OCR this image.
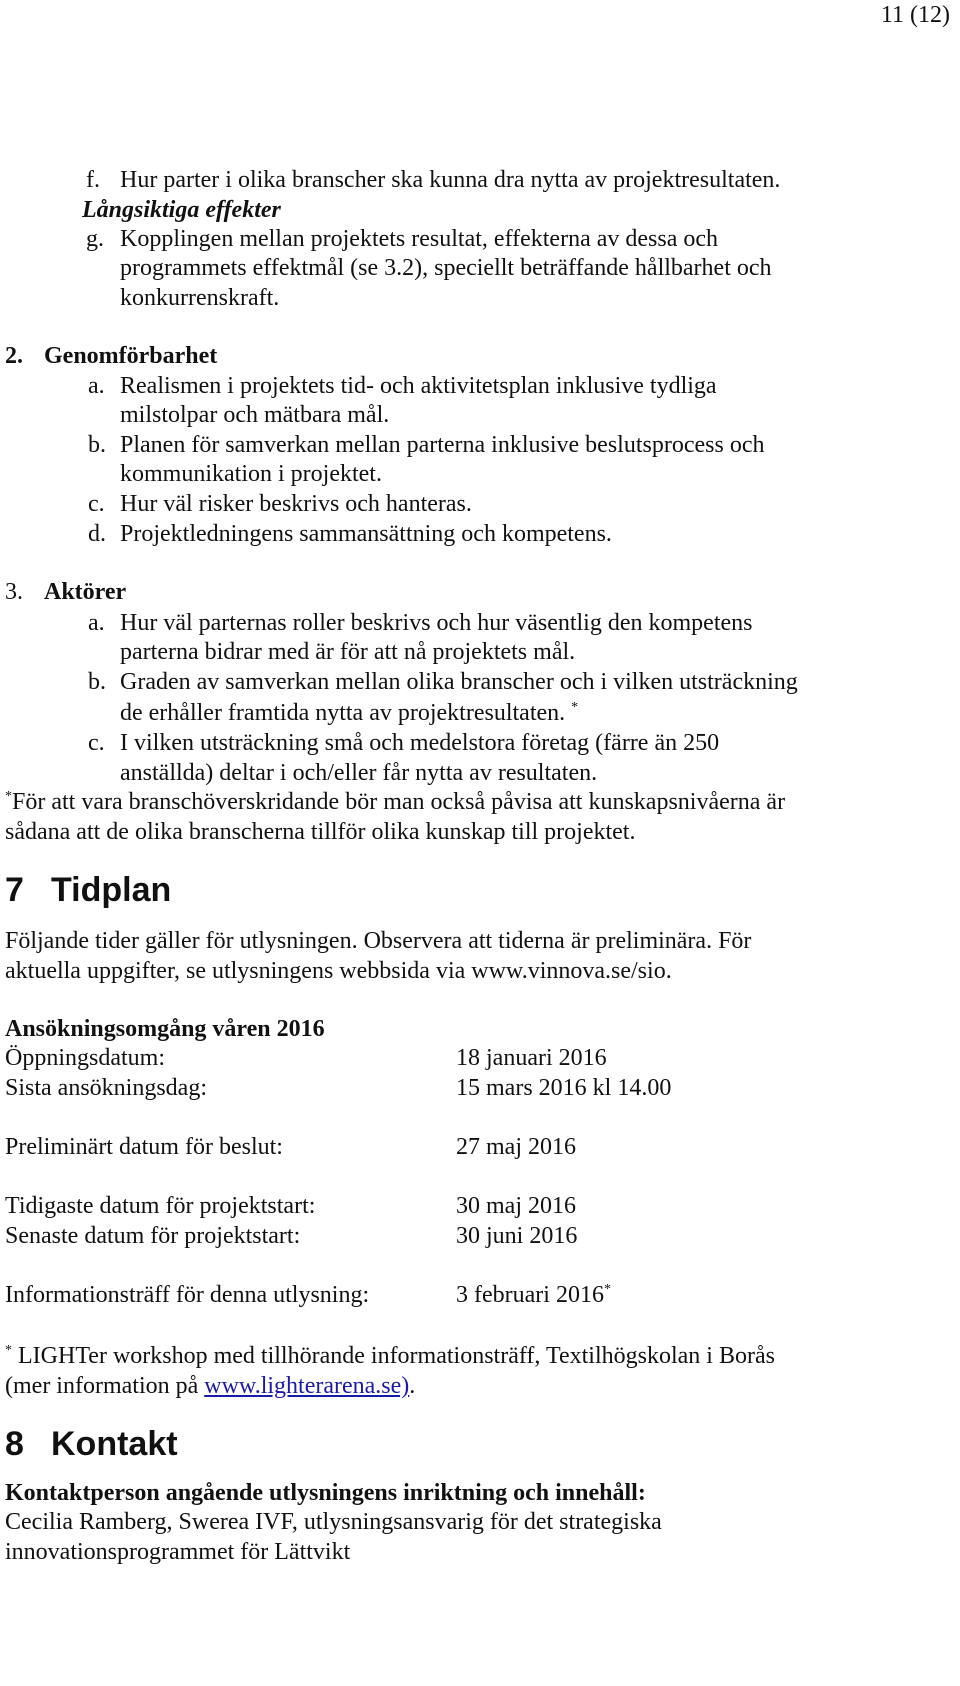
11 (12)
f. Hur parter i olika branscher ska kunna dra nytta av projektresultaten.
Långsiktiga effekter
g. Kopplingen mellan projektets resultat, effekterna av dessa och
programmets effektmål (se 3.2), speciellt beträffande hållbarhet och
konkurrenskraft.
2. Genomförbarhet
a. Realismen i projektets tid- och aktivitetsplan inklusive tydliga
milstolpar och mätbara mål.
b. Planen för samverkan mellan parterna inklusive beslutsprocess och
kommunikation i projektet.
c. Hur väl risker beskrivs och hanteras.
d. Projektledningens sammansättning och kompetens.
3. Aktörer
a. Hur väl parternas roller beskrivs och hur väsentlig den kompetens
parterna bidrar med är för att nå projektets mål.
b. Graden av samverkan mellan olika branscher och i vilken utsträckning
de erhåller framtida nytta av projektresultaten. *
c. I vilken utsträckning små och medelstora företag (färre än 250
anställda) deltar i och/eller får nytta av resultaten.
*För att vara branschöverskridande bör man också påvisa att kunskapsnivåerna är
sådana att de olika branscherna tillför olika kunskap till projektet.
7 Tidplan
Följande tider gäller för utlysningen. Observera att tiderna är preliminära. För
aktuella uppgifter, se utlysningens webbsida via www.vinnova.se/sio.
Ansökningsomgång våren 2016
Öppningsdatum:	18 januari 2016
Sista ansökningsdag:	15 mars 2016 kl 14.00
Preliminärt datum för beslut:	27 maj 2016
Tidigaste datum för projektstart:	30 maj 2016
Senaste datum för projektstart:	30 juni 2016
Informationsträff för denna utlysning:	3 februari 2016*
* LIGHTer workshop med tillhörande informationsträff, Textilhögskolan i Borås
(mer information på www.lighterarena.se).
8 Kontakt
Kontaktperson angående utlysningens inriktning och innehåll:
Cecilia Ramberg, Swerea IVF, utlysningsansvarig för det strategiska
innovationsprogrammet för Lättvikt
